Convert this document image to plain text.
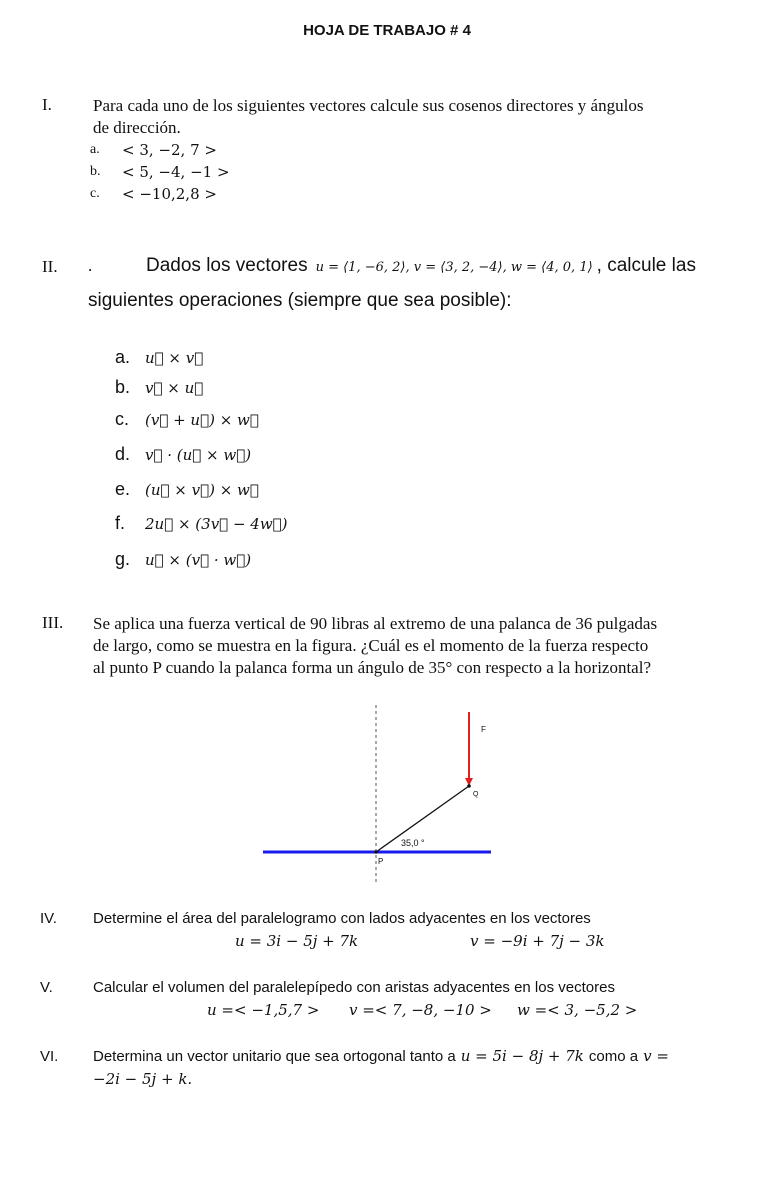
HOJA DE TRABAJO # 4
I. Para cada uno de los siguientes vectores calcule sus cosenos directores y ángulos
de dirección.
a.	< 3, −2, 7 >
b.	< 5, −4, −1 >
c.	< −10,2,8 >
II. .	Dados los vectores u = ⟨1, −6, 2⟩, v = ⟨3, 2, −4⟩, w = ⟨4, 0, 1⟩ , calcule las
siguientes operaciones (siempre que sea posible):
a. u⃗ × v⃗
b. v⃗ × u⃗
c.	(v⃗ + u⃗) × w⃗
d. v⃗ · (u⃗ × w⃗)
e. (u⃗ × v⃗) × w⃗
f.	2u⃗ × (3v⃗ − 4w⃗)
g. u⃗ × (v⃗ · w⃗)
III. Se aplica una fuerza vertical de 90 libras al extremo de una palanca de 36 pulgadas
de largo, como se muestra en la figura. ¿Cuál es el momento de la fuerza respecto
al punto P cuando la palanca forma un ángulo de 35° con respecto a la horizontal?
F
Q
P
35,0 °
IV. Determine el área del paralelogramo con lados adyacentes en los vectores
u = 3i − 5j + 7k	v = −9i + 7j − 3k
V.	Calcular el volumen del paralelepípedo con aristas adyacentes en los vectores
u =< −1,5,7 > v =< 7, −8, −10 > w =< 3, −5,2 >
VI. Determina un vector unitario que sea ortogonal tanto a u = 5i − 8j + 7k como a v =
−2i − 5j + k.
